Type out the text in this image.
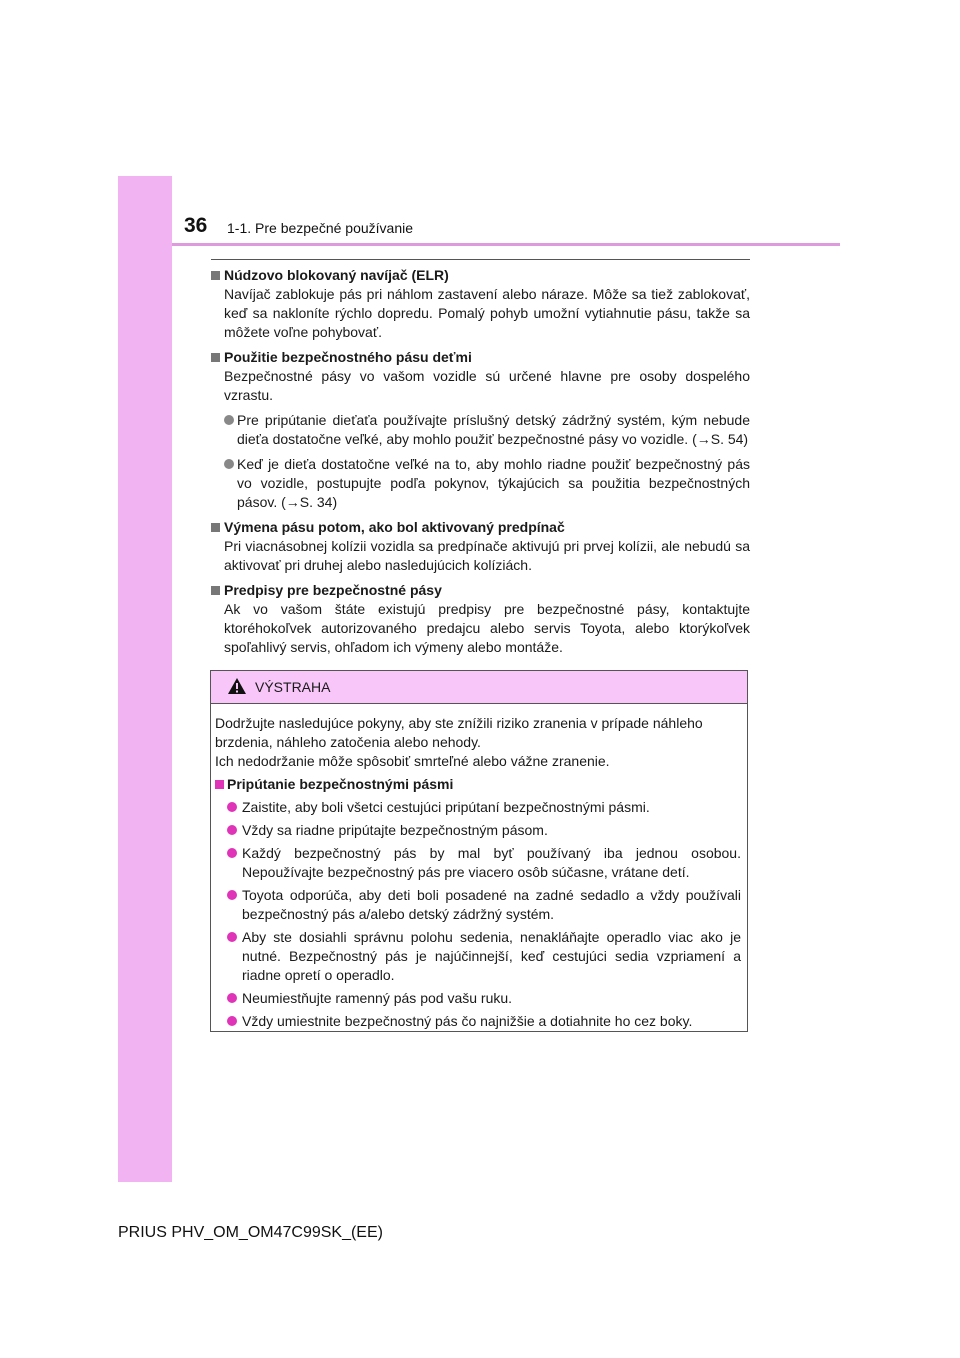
36 1-1. Pre bezpečné používanie
Núdzovo blokovaný navíjač (ELR)
Navíjač zablokuje pás pri náhlom zastavení alebo náraze. Môže sa tiež zablokovať, keď sa nakloníte rýchlo dopredu. Pomalý pohyb umožní vytiahnutie pásu, takže sa môžete voľne pohybovať.
Použitie bezpečnostného pásu deťmi
Bezpečnostné pásy vo vašom vozidle sú určené hlavne pre osoby dospelého vzrastu.
Pre pripútanie dieťaťa používajte príslušný detský zádržný systém, kým nebude dieťa dostatočne veľké, aby mohlo použiť bezpečnostné pásy vo vozidle. (→S. 54)
Keď je dieťa dostatočne veľké na to, aby mohlo riadne použiť bezpečnostný pás vo vozidle, postupujte podľa pokynov, týkajúcich sa použitia bezpečnostných pásov. (→S. 34)
Výmena pásu potom, ako bol aktivovaný predpínač
Pri viacnásobnej kolízii vozidla sa predpínače aktivujú pri prvej kolízii, ale nebudú sa aktivovať pri druhej alebo nasledujúcich kolíziách.
Predpisy pre bezpečnostné pásy
Ak vo vašom štáte existujú predpisy pre bezpečnostné pásy, kontaktujte ktoréhokoľvek autorizovaného predajcu alebo servis Toyota, alebo ktorýkoľvek spoľahlivý servis, ohľadom ich výmeny alebo montáže.
VÝSTRAHA
Dodržujte nasledujúce pokyny, aby ste znížili riziko zranenia v prípade náhleho brzdenia, náhleho zatočenia alebo nehody.
Ich nedodržanie môže spôsobiť smrteľné alebo vážne zranenie.
Pripútanie bezpečnostnými pásmi
Zaistite, aby boli všetci cestujúci pripútaní bezpečnostnými pásmi.
Vždy sa riadne pripútajte bezpečnostným pásom.
Každý bezpečnostný pás by mal byť používaný iba jednou osobou. Nepoužívajte bezpečnostný pás pre viacero osôb súčasne, vrátane detí.
Toyota odporúča, aby deti boli posadené na zadné sedadlo a vždy používali bezpečnostný pás a/alebo detský zádržný systém.
Aby ste dosiahli správnu polohu sedenia, nenakláňajte operadlo viac ako je nutné. Bezpečnostný pás je najúčinnejší, keď cestujúci sedia vzpriamení a riadne opretí o operadlo.
Neumiestňujte ramenný pás pod vašu ruku.
Vždy umiestnite bezpečnostný pás čo najnižšie a dotiahnite ho cez boky.
PRIUS PHV_OM_OM47C99SK_(EE)
